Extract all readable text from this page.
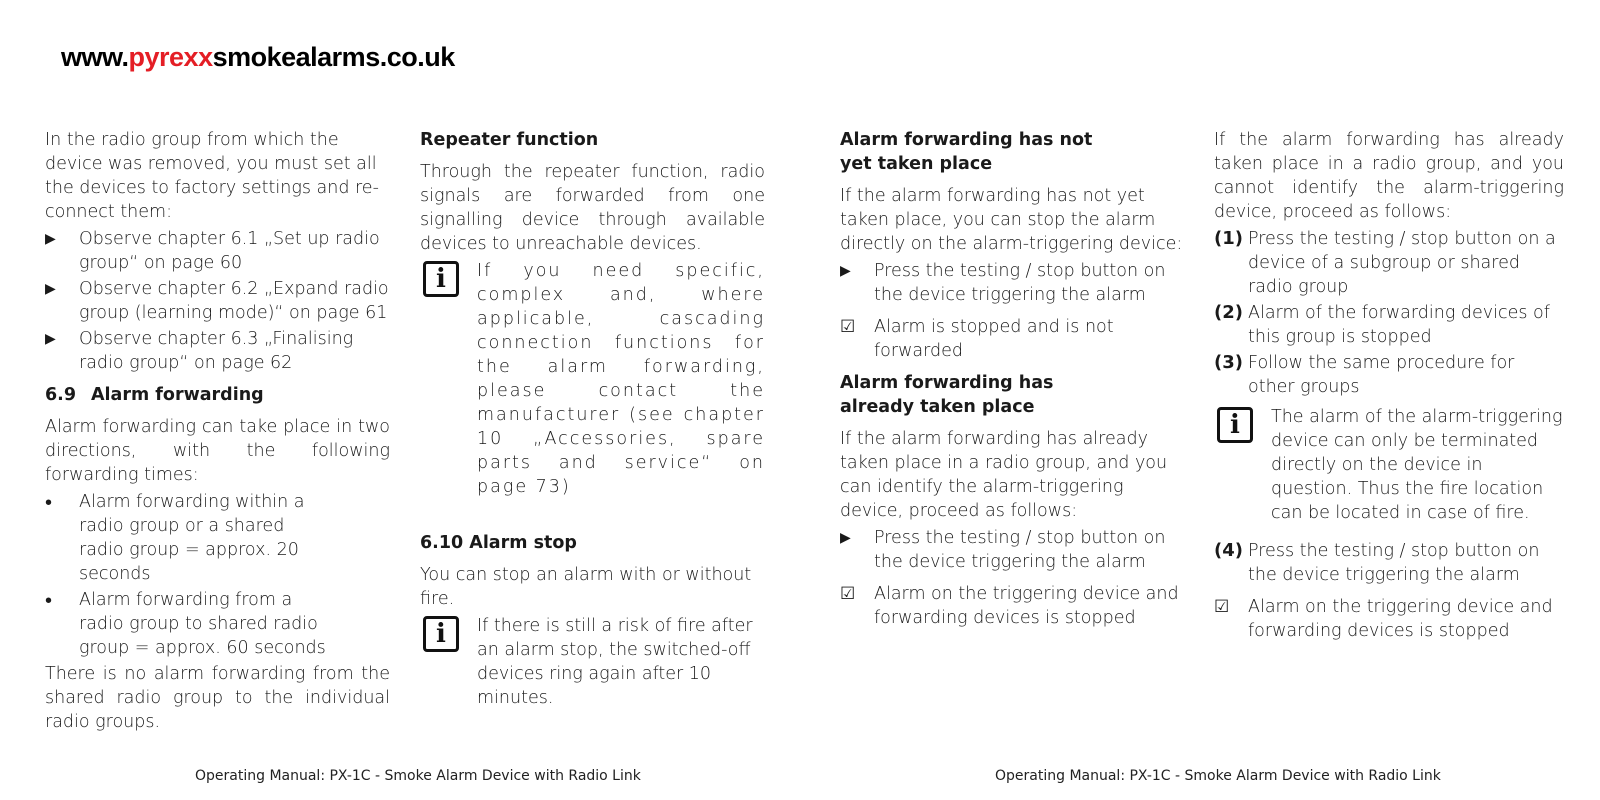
www.pyrexxsmokealarms.co.uk

In the radio group from which the device was removed, you must set all the devices to factory settings and re-connect them:

▶	Observe chapter 6.1 „Set up radio group“ on page 60
▶	Observe chapter 6.2 „Expand radio group (learning mode)“ on page 61
▶	Observe chapter 6.3 „Finalising radio group“ on page 62
6.9 Alarm forwarding

Alarm forwarding can take place in two directions, with the following forwarding times:

•	Alarm forwarding within a radio group or a shared radio group = approx. 20 seconds
•	Alarm forwarding from a radio group to shared radio group = approx. 60 seconds

There is no alarm forwarding from the shared radio group to the individual radio groups.

Repeater function

Through the repeater function, radio signals are forwarded from one signalling device through available devices to unreachable devices.

i	If you need specific, complex and, where applicable, cascading connection functions for the alarm forwarding, please contact the manufacturer (see chapter 10 „Accessories, spare parts and service“ on page 73)
6.10 Alarm stop

You can stop an alarm with or without fire.

i	If there is still a risk of fire after an alarm stop, the switched-off devices ring again after 10 minutes.
Alarm forwarding has not yet taken place

If the alarm forwarding has not yet taken place, you can stop the alarm directly on the alarm-triggering device:

▶	Press the testing / stop button on the device triggering the alarm
☑	Alarm is stopped and is not forwarded
Alarm forwarding has already taken place

If the alarm forwarding has already taken place in a radio group, and you can identify the alarm-triggering device, proceed as follows:

▶	Press the testing / stop button on the device triggering the alarm
☑	Alarm on the triggering device and forwarding devices is stopped

If the alarm forwarding has already taken place in a radio group, and you cannot identify the alarm-triggering device, proceed as follows:

(1) Press the testing / stop button on a device of a subgroup or shared radio group
(2) Alarm of the forwarding devices of this group is stopped
(3) Follow the same procedure for other groups
i	The alarm of the alarm-triggering device can only be terminated directly on the device in question. Thus the fire location can be located in case of fire.
(4) Press the testing / stop button on the device triggering the alarm
☑	Alarm on the triggering device and forwarding devices is stopped
Operating Manual: PX-1C - Smoke Alarm Device with Radio Link	Operating Manual: PX-1C - Smoke Alarm Device with Radio Link
